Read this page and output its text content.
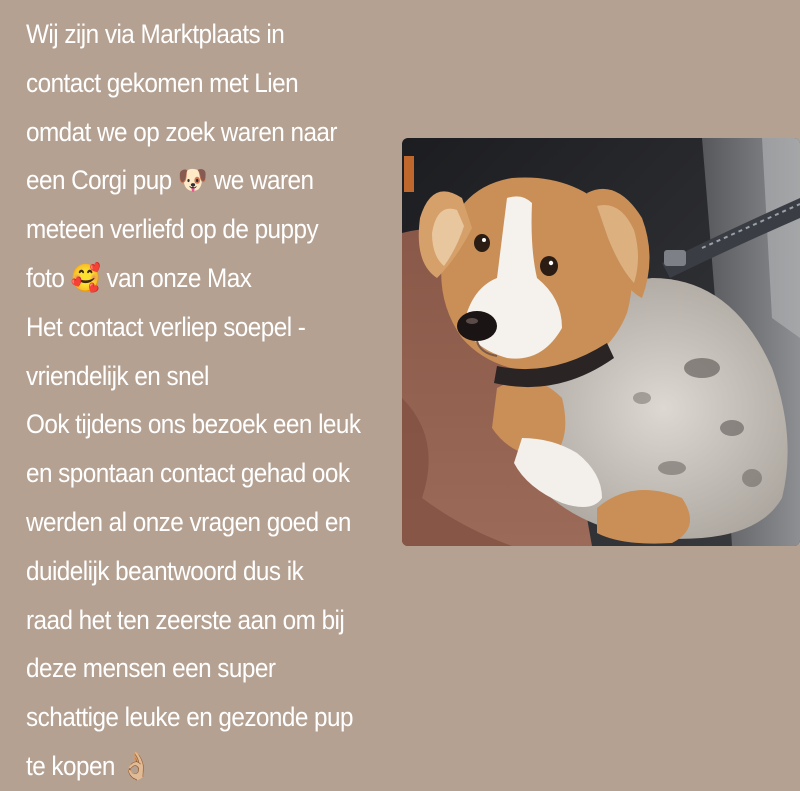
Wij zijn via Marktplaats in
contact gekomen met Lien
omdat we op zoek waren naar
een Corgi pup 🐶 we waren
meteen verliefd op de puppy
foto 🥰 van onze Max
Het contact verliep soepel -
vriendelijk en snel
Ook tijdens ons bezoek een leuk
en spontaan contact gehad ook
werden al onze vragen goed en
duidelijk beantwoord dus ik
raad het ten zeerste aan om bij
deze mensen een super
schattige leuke en gezonde pup
te kopen 👌🏼
